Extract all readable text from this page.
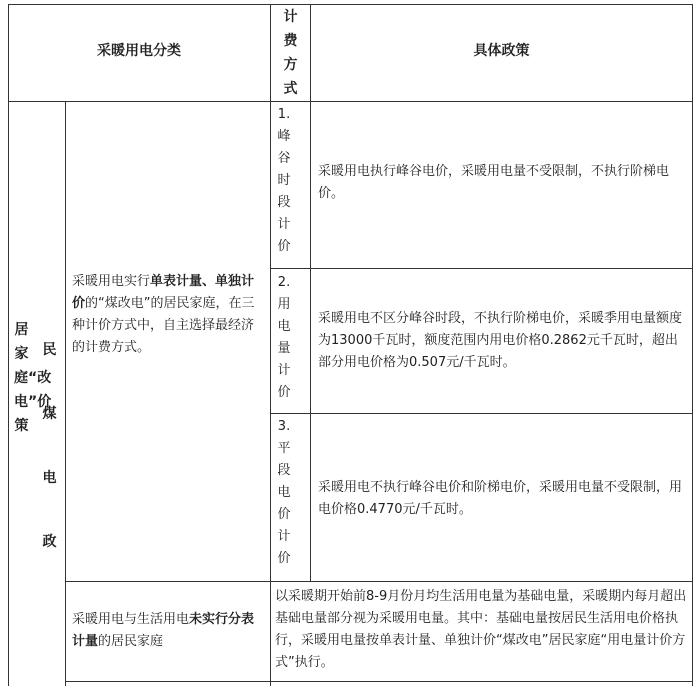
采暖用电分类
计费方式
具体政策
居家庭“改电”价策
民煤电政
采暖用电实行单表计量、单独计价的“煤改电”的居民家庭，在三种计价方式中，自主选择最经济的计费方式。
1.峰谷时段计价
2.用电量计价
3.平段电价计价
采暖用电执行峰谷电价，采暖用电量不受限制，不执行阶梯电价。
采暖用电不区分峰谷时段，不执行阶梯电价，采暖季用电量额度为13000千瓦时，额度范围内用电价格0.2862元千瓦时，超出部分用电价格为0.507元/千瓦时。
采暖用电不执行峰谷电价和阶梯电价，采暖用电量不受限制，用电价格0.4770元/千瓦时。
采暖用电与生活用电未实行分表计量的居民家庭
以采暖期开始前8-9月份月均生活用电量为基础电量，采暖期内每月超出基础电量部分视为采暖用电量。其中：基础电量按居民生活用电价格执行，采暖用电量按单表计量、单独计价“煤改电”居民家庭“用电量计价方式”执行。
